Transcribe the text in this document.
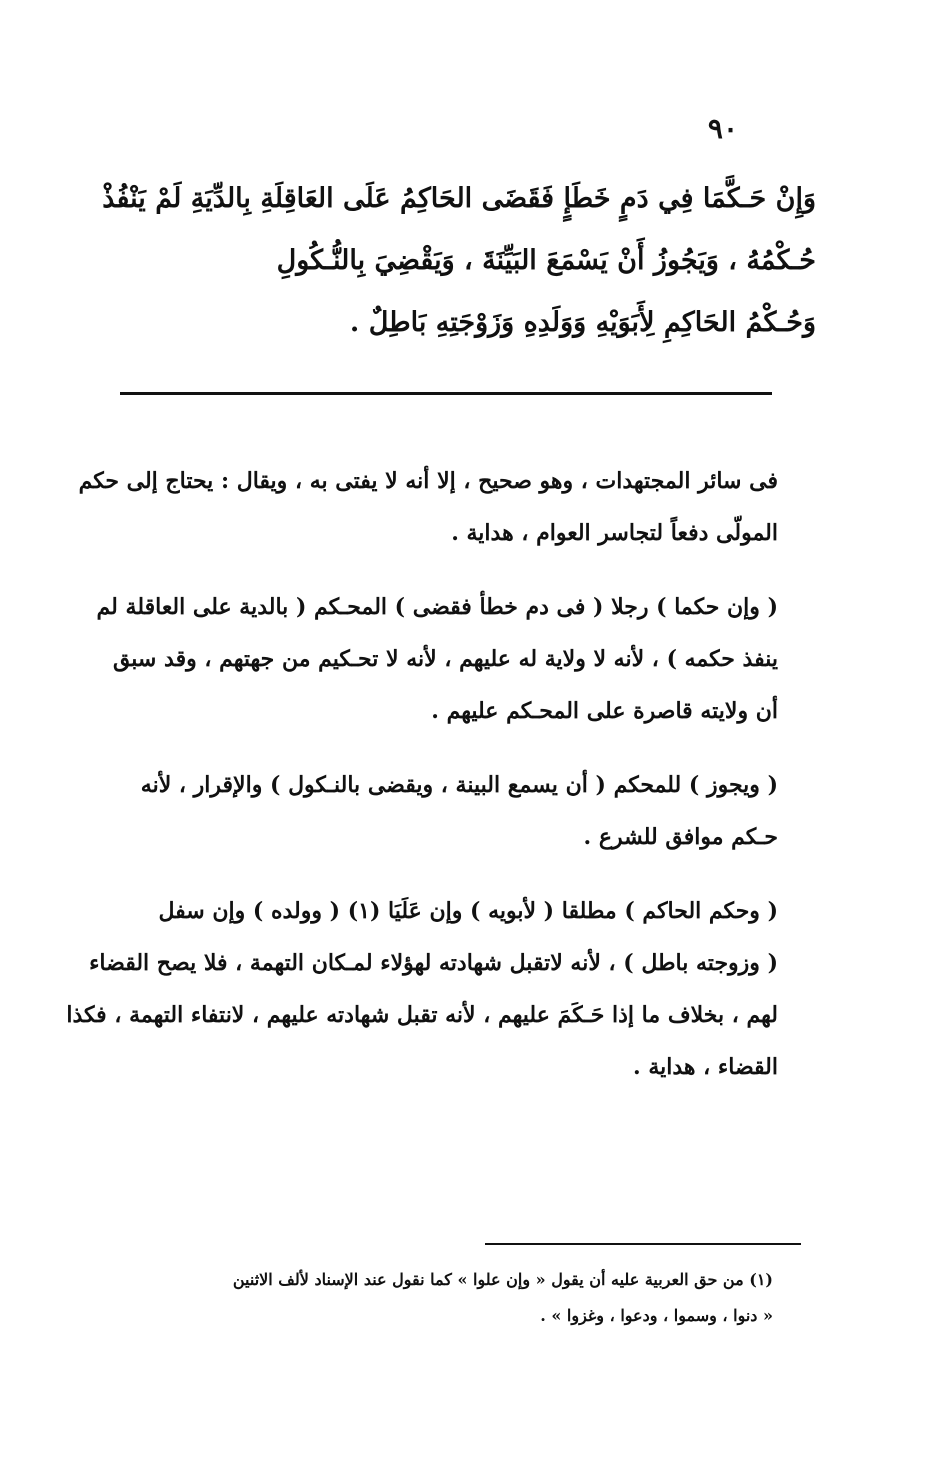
٩٠
وَإِنْ حَـكَّمَا فِي دَمٍ خَطَإٍ فَقَضَى الحَاكِمُ عَلَى العَاقِلَةِ بِالدِّيَةِ لَمْ يَنْفُذْ
حُـكْمُهُ ، وَيَجُوزُ أَنْ يَسْمَعَ البَيِّنَةَ ، وَيَقْضِيَ بِالنُّـكُولِ
وَحُـكْمُ الحَاكِمِ لِأَبَوَيْهِ وَوَلَدِهِ وَزَوْجَتِهِ بَاطِلٌ .
فى سائر المجتهدات ، وهو صحيح ، إلا أنه لا يفتى به ، ويقال : يحتاج إلى حكم
المولّى دفعاً لتجاسر العوام ، هداية .
( وإن حكما ) رجلا ( فى دم خطأ فقضى ) المحـكم ( بالدية على العاقلة لم
ينفذ حكمه ) ، لأنه لا ولاية له عليهم ، لأنه لا تحـكيم من جهتهم ، وقد سبق
أن ولايته قاصرة على المحـكم عليهم .
( ويجوز ) للمحكم ( أن يسمع البينة ، ويقضى بالنـكول ) والإقرار ، لأنه
حـكم موافق للشرع .
( وحكم الحاكم ) مطلقا ( لأبويه ) وإن عَلَيَا (١) ( وولده ) وإن سفل
( وزوجته باطل ) ، لأنه لاتقبل شهادته لهؤلاء لمـكان التهمة ، فلا يصح القضاء
لهم ، بخلاف ما إذا حَـكَمَ عليهم ، لأنه تقبل شهادته عليهم ، لانتفاء التهمة ، فكذا
القضاء ، هداية .
(١) من حق العربية عليه أن يقول « وإن علوا » كما نقول عند الإسناد لألف الاثنين
« دنوا ، وسموا ، ودعوا ، وغزوا » .
